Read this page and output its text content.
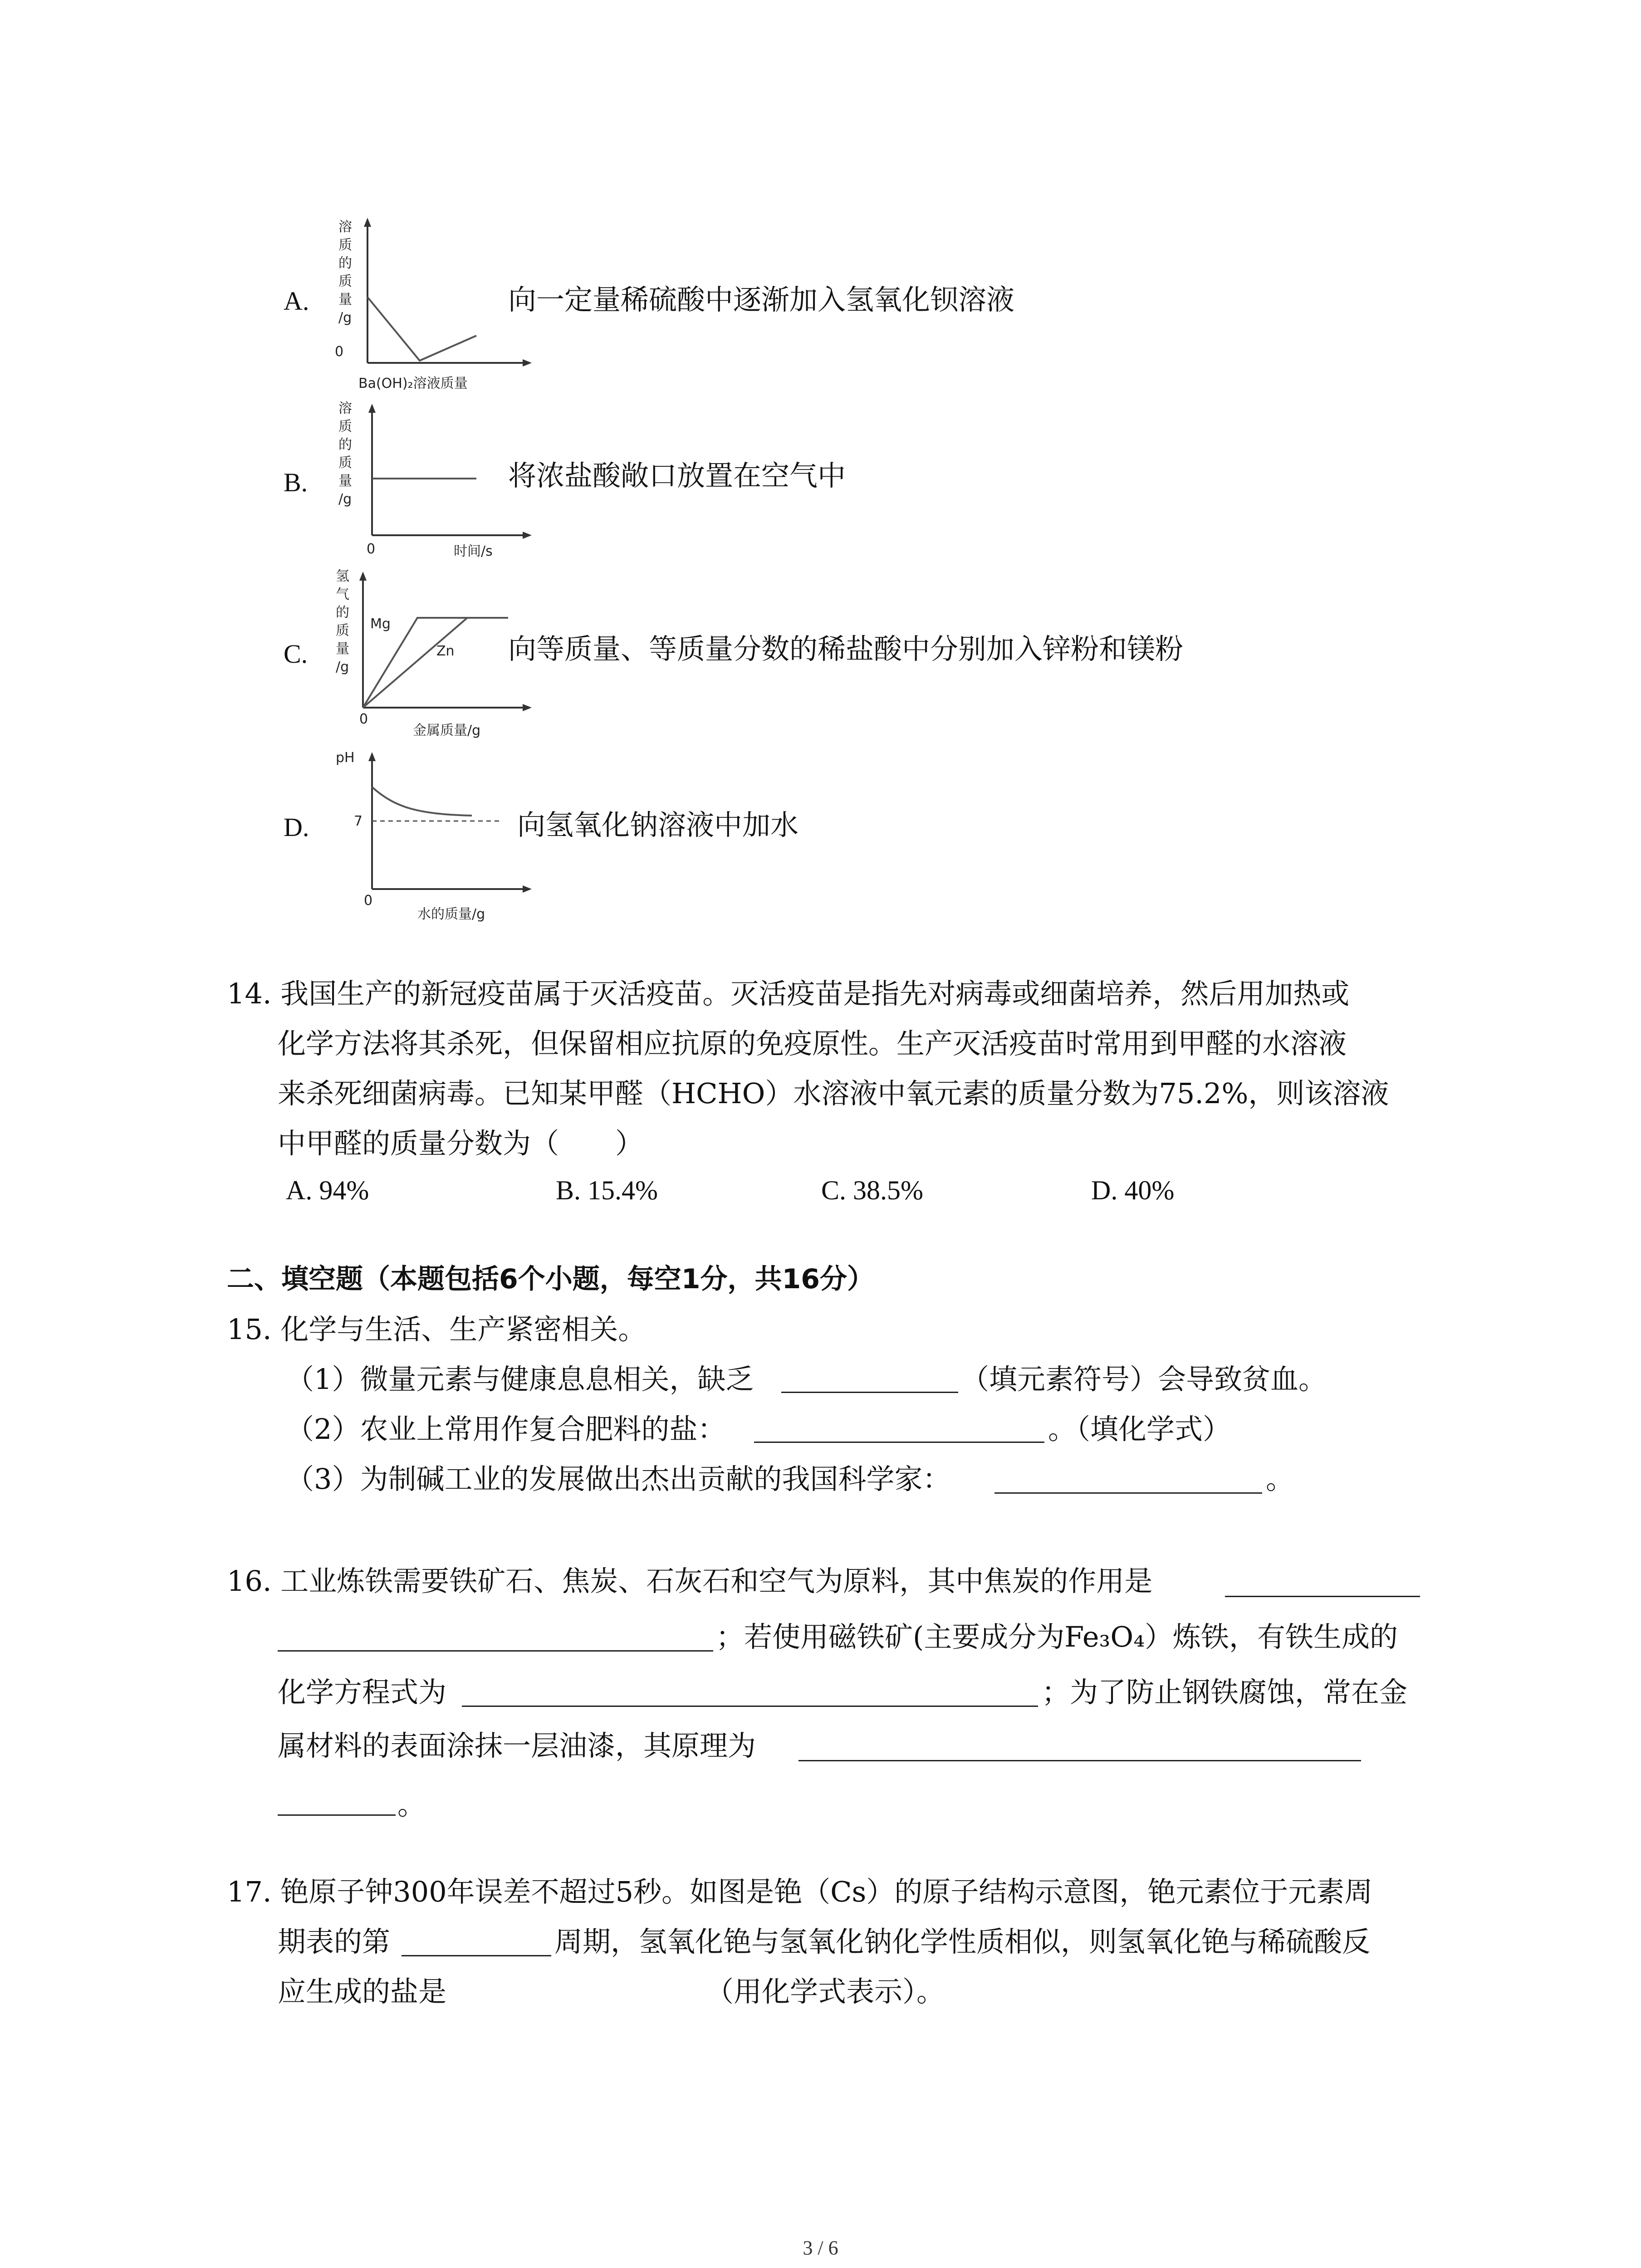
A.
溶
质
的
质
量
/g
0
Ba(OH)₂溶液质量
向一定量稀硫酸中逐渐加入氢氧化钡溶液
B.
溶
质
的
质
量
/g
0	时间/s
将浓盐酸敞口放置在空气中
C.
氢
气
的
质
量
/g
0
金属质量/g
Mg
Zn 向等质量、等质量分数的稀盐酸中分别加入锌粉和镁粉
D.
pH
7
0
水的质量/g
向氢氧化钠溶液中加水
14. 我国生产的新冠疫苗属于灭活疫苗。灭活疫苗是指先对病毒或细菌培养，然后用加热或
化学方法将其杀死，但保留相应抗原的免疫原性。生产灭活疫苗时常用到甲醛的水溶液
来杀死细菌病毒。已知某甲醛（HCHO）水溶液中氧元素的质量分数为75.2%，则该溶液
中甲醛的质量分数为（　　）
A. 94%	B. 15.4%	C. 38.5%	D. 40%
二、填空题（本题包括6个小题，每空1分，共16分）
15. 化学与生活、生产紧密相关。
（1）微量元素与健康息息相关，缺乏	（填元素符号）会导致贫血。
（2）农业上常用作复合肥料的盐：	。（填化学式）
（3）为制碱工业的发展做出杰出贡献的我国科学家：	。
16. 工业炼铁需要铁矿石、焦炭、石灰石和空气为原料，其中焦炭的作用是
；若使用磁铁矿(主要成分为Fe₃O₄）炼铁，有铁生成的
化学方程式为	；为了防止钢铁腐蚀，常在金
属材料的表面涂抹一层油漆，其原理为
。
17. 铯原子钟300年误差不超过5秒。如图是铯（Cs）的原子结构示意图，铯元素位于元素周
期表的第	周期，氢氧化铯与氢氧化钠化学性质相似，则氢氧化铯与稀硫酸反
应生成的盐是	（用化学式表示）。
3 / 6
